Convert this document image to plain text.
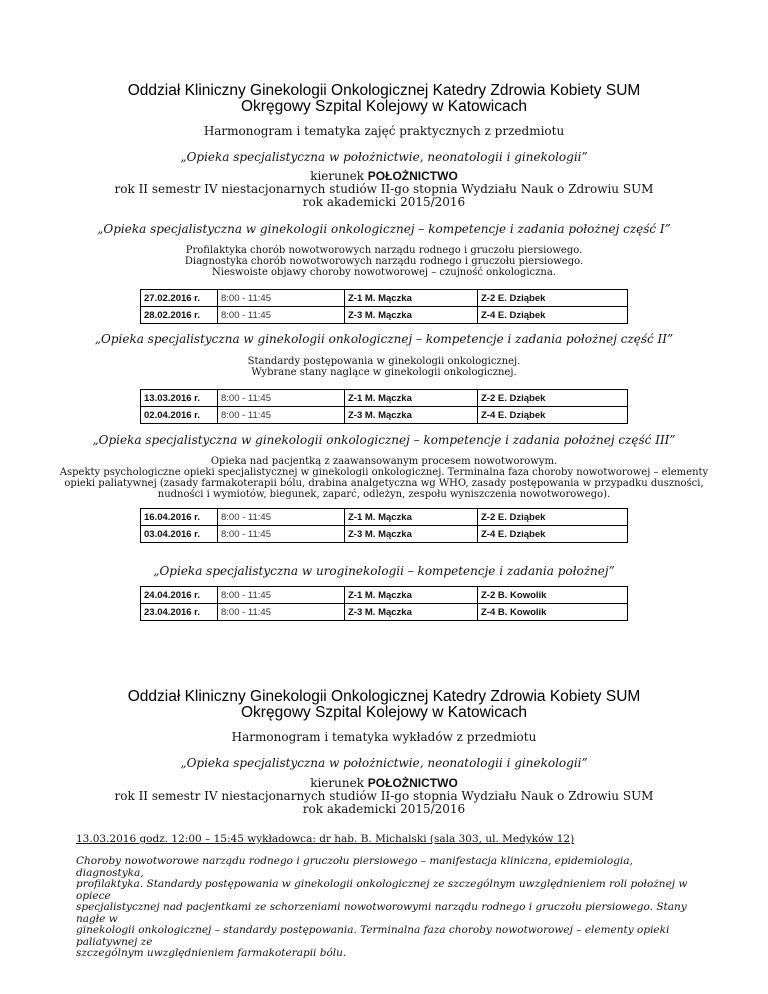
Oddział Kliniczny Ginekologii Onkologicznej Katedry Zdrowia Kobiety SUM
Okręgowy Szpital Kolejowy w Katowicach
Harmonogram i tematyka zajęć praktycznych z przedmiotu
„Opieka specjalistyczna w położnictwie, neonatologii i ginekologii”
kierunek POŁOŻNICTWO
rok II semestr IV niestacjonarnych studiów II-go stopnia Wydziału Nauk o Zdrowiu SUM
rok akademicki 2015/2016
„Opieka specjalistyczna w ginekologii onkologicznej – kompetencje i zadania położnej część I”
Profilaktyka chorób nowotworowych narządu rodnego i gruczołu piersiowego.
Diagnostyka chorób nowotworowych narządu rodnego i gruczołu piersiowego.
Nieswoiste objawy choroby nowotworowej – czujność onkologiczna.
27.02.2016 r.	8:00 - 11:45	Z-1 M. Mączka	Z-2 E. Dziąbek
28.02.2016 r.	8:00 - 11:45	Z-3 M. Mączka	Z-4 E. Dziąbek
„Opieka specjalistyczna w ginekologii onkologicznej – kompetencje i zadania położnej część II”
Standardy postępowania w ginekologii onkologicznej.
Wybrane stany naglące w ginekologii onkologicznej.
13.03.2016 r.	8:00 - 11:45	Z-1 M. Mączka	Z-2 E. Dziąbek
02.04.2016 r.	8:00 - 11:45	Z-3 M. Mączka	Z-4 E. Dziąbek
„Opieka specjalistyczna w ginekologii onkologicznej – kompetencje i zadania położnej część III”
Opieka nad pacjentką z zaawansowanym procesem nowotworowym.
Aspekty psychologiczne opieki specjalistycznej w ginekologii onkologicznej. Terminalna faza choroby nowotworowej – elementy
opieki paliatywnej (zasady farmakoterapii bólu, drabina analgetyczna wg WHO, zasady postępowania w przypadku duszności,
nudności i wymiotów, biegunek, zaparć, odleżyn, zespołu wyniszczenia nowotworowego).
16.04.2016 r.	8:00 - 11:45	Z-1 M. Mączka	Z-2 E. Dziąbek
03.04.2016 r.	8:00 - 11:45	Z-3 M. Mączka	Z-4 E. Dziąbek
„Opieka specjalistyczna w uroginekologii – kompetencje i zadania położnej”
24.04.2016 r.	8:00 - 11:45	Z-1 M. Mączka	Z-2 B. Kowolik
23.04.2016 r.	8:00 - 11:45	Z-3 M. Mączka	Z-4 B. Kowolik
Oddział Kliniczny Ginekologii Onkologicznej Katedry Zdrowia Kobiety SUM
Okręgowy Szpital Kolejowy w Katowicach
Harmonogram i tematyka wykładów z przedmiotu
„Opieka specjalistyczna w położnictwie, neonatologii i ginekologii”
kierunek POŁOŻNICTWO
rok II semestr IV niestacjonarnych studiów II-go stopnia Wydziału Nauk o Zdrowiu SUM
rok akademicki 2015/2016
13.03.2016 godz. 12:00 – 15:45 wykładowca: dr hab. B. Michalski (sala 303, ul. Medyków 12)
Choroby nowotworowe narządu rodnego i gruczołu piersiowego – manifestacja kliniczna, epidemiologia, diagnostyka,
profilaktyka. Standardy postępowania w ginekologii onkologicznej ze szczególnym uwzględnieniem roli położnej w opiece
specjalistycznej nad pacjentkami ze schorzeniami nowotworowymi narządu rodnego i gruczołu piersiowego. Stany nagłe w
ginekologii onkologicznej – standardy postępowania. Terminalna faza choroby nowotworowej – elementy opieki paliatywnej ze
szczególnym uwzględnieniem farmakoterapii bólu.
